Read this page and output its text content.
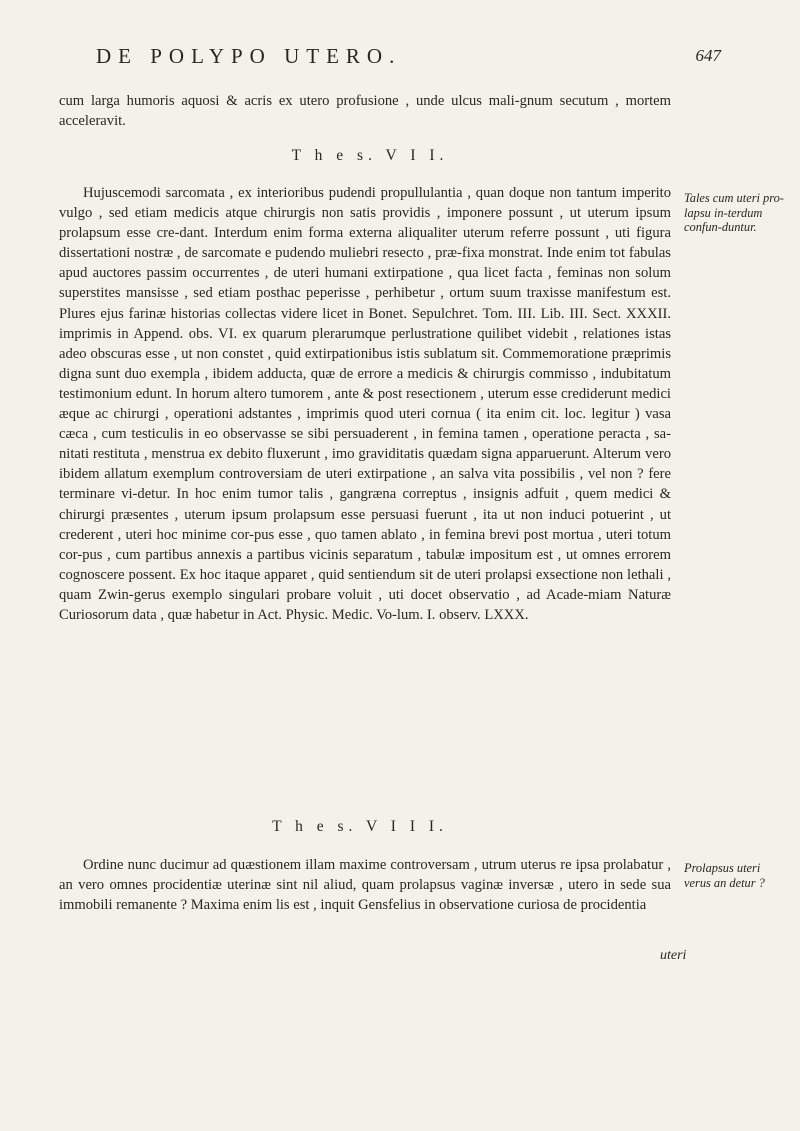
DE POLYPO UTERO.	647

cum larga humoris aquosi & acris ex utero profusione , unde ulcus mali-gnum secutum , mortem acceleravit.

T h e s. V I I.

Hujuscemodi sarcomata , ex interioribus pudendi propullulantia , quan doque non tantum imperito vulgo , sed etiam medicis atque chirurgis non satis providis , imponere possunt , ut uterum ipsum prolapsum esse cre-dant. Interdum enim forma externa aliqualiter uterum referre possunt , uti figura dissertationi nostræ , de sarcomate e pudendo muliebri resecto , præ-fixa monstrat. Inde enim tot fabulas apud auctores passim occurrentes , de uteri humani extirpatione , qua licet facta , feminas non solum superstites mansisse , sed etiam posthac peperisse , perhibetur , ortum suum traxisse manifestum est. Plures ejus farinæ historias collectas videre licet in Bonet. Sepulchret. Tom. III. Lib. III. Sect. XXXII. imprimis in Append. obs. VI. ex quarum plerarumque perlustratione quilibet videbit , relationes istas adeo obscuras esse , ut non constet , quid extirpationibus istis sublatum sit. Commemoratione præprimis digna sunt duo exempla , ibidem adducta, quæ de errore a medicis & chirurgis commisso , indubitatum testimonium edunt. In horum altero tumorem , ante & post resectionem , uterum esse crediderunt medici æque ac chirurgi , operationi adstantes , imprimis quod uteri cornua ( ita enim cit. loc. legitur ) vasa cæca , cum testiculis in eo observasse se sibi persuaderent , in femina tamen , operatione peracta , sa-nitati restituta , menstrua ex debito fluxerunt , imo graviditatis quædam signa apparuerunt. Alterum vero ibidem allatum exemplum controversiam de uteri extirpatione , an salva vita possibilis , vel non ? fere terminare vi-detur. In hoc enim tumor talis , gangræna correptus , insignis adfuit , quem medici & chirurgi præsentes , uterum ipsum prolapsum esse persuasi fuerunt , ita ut non induci potuerint , ut crederent , uteri hoc minime cor-pus esse , quo tamen ablato , in femina brevi post mortua , uteri totum cor-pus , cum partibus annexis a partibus vicinis separatum , tabulæ impositum est , ut omnes errorem cognoscere possent. Ex hoc itaque apparet , quid sentiendum sit de uteri prolapsi exsectione non lethali , quam Zwin-gerus exemplo singulari probare voluit , uti docet observatio , ad Acade-miam Naturæ Curiosorum data , quæ habetur in Act. Physic. Medic. Vo-lum. I. observ. LXXX.

Tales cum uteri pro-lapsu in-terdum confun-duntur.
T h e s. V I I I.

Ordine nunc ducimur ad quæstionem illam maxime controversam , utrum uterus re ipsa prolabatur , an vero omnes procidentiæ uterinæ sint nil aliud, quam prolapsus vaginæ inversæ , utero in sede sua immobili remanente ? Maxima enim lis est , inquit Gensfelius in observatione curiosa de procidentia

Prolapsus uteri verus an detur ?
uteri
